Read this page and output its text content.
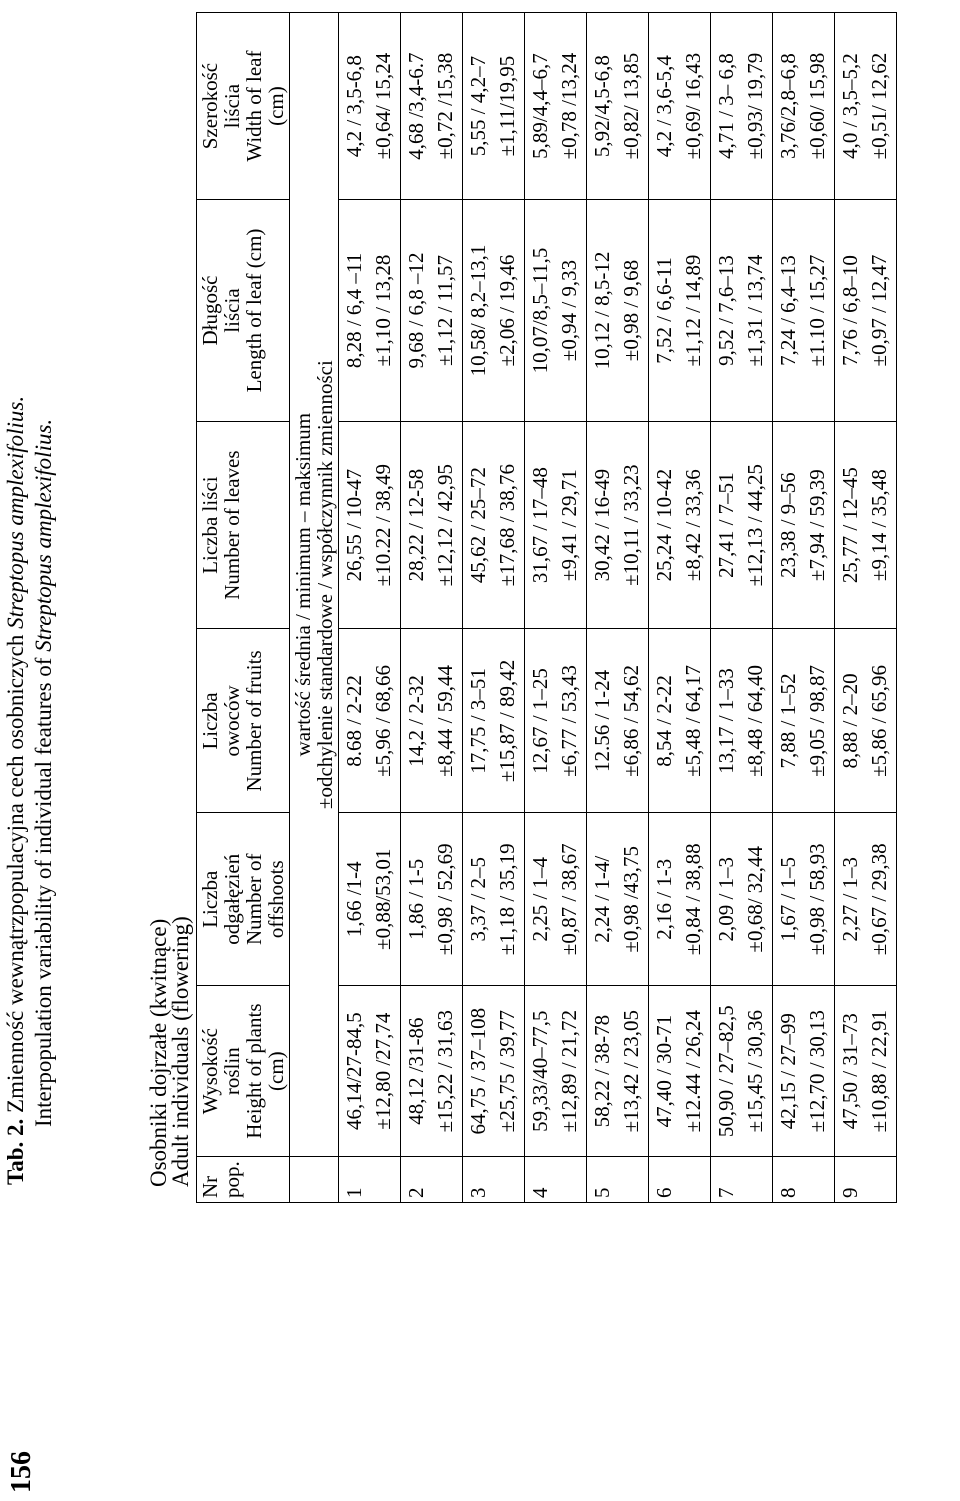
156
Tab. 2. Zmienność wewnątrzpopulacyjna cech osobniczych Streptopus amplexifolius.
Interpopulation variability of individual features of Streptopus amplexifolius.
Osobniki dojrzałe (kwitnące)
Adult individuals (flowering) Nr
pop.	Wysokość
roślin
Height of plants
(cm)	Liczba
odgałęzień
Number of
offshoots	Liczba
owoców
Number of fruits	Liczba liści
Number of leaves	Długość
liścia
Length of leaf (cm)	Szerokość
liścia
Width of leaf
(cm)

	wartość średnia / minimum – maksimum
±odchylenie standardowe / współczynnik zmienności					

1	46,14/27-84,5 ±12,80 /27,74	1,66 /1-4 ±0,88/53,01	8.68 / 2-22 ±5,96 / 68,66	26,55 / 10-47 ±10.22 / 38,49	8,28 / 6,4 –11 ±1,10 / 13,28	4,2 / 3,5-6,8 ±0,64/ 15,24

2	48,12 /31-86 ±15,22 / 31,63	1,86 / 1-5 ±0,98 / 52,69	14,2 / 2-32 ±8,44 / 59,44	28,22 / 12-58 ±12,12 / 42,95	9,68 / 6,8 –12 ±1,12 / 11,57	4,68 /3,4-6.7 ±0,72 /15,38

3	64,75 / 37–108 ±25,75 / 39,77	3,37 / 2–5 ±1,18 / 35,19	17,75 / 3–51 ±15,87 / 89,42	45,62 / 25–72 ±17,68 / 38,76	10,58/ 8,2–13,1 ±2,06 / 19,46	5,55 / 4,2–7 ±1,11/19,95

4	59,33/40–77,5 ±12,89 / 21,72	2,25 / 1–4 ±0,87 / 38,67	12,67 / 1–25 ±6,77 / 53,43	31,67 / 17–48 ±9,41 / 29,71	10,07/8,5–11,5 ±0,94 / 9,33	5,89/4,4–6,7 ±0,78 /13,24

5	58,22 / 38-78 ±13,42 / 23,05	2,24 / 1-4/ ±0,98 /43,75	12.56 / 1-24 ±6,86 / 54,62	30,42 / 16-49 ±10,11 / 33,23	10,12 / 8,5-12 ±0,98 / 9,68	5,92/4,5-6,8 ±0,82/ 13,85

6	47,40 / 30-71 ±12.44 / 26,24	2,16 / 1-3 ±0,84 / 38,88	8,54 / 2-22 ±5,48 / 64,17	25,24 / 10-42 ±8,42 / 33,36	7,52 / 6,6-11 ±1,12 / 14,89	4,2 / 3,6-5,4 ±0,69/ 16,43

7	50,90 / 27–82,5 ±15,45 / 30,36	2,09 / 1–3 ±0,68/ 32,44	13,17 / 1–33 ±8,48 / 64,40	27,41 / 7–51 ±12,13 / 44,25	9,52 / 7,6–13 ±1,31 / 13,74	4,71 / 3– 6,8 ±0,93/ 19,79

8	42,15 / 27–99 ±12,70 / 30,13	1,67 / 1–5 ±0,98 / 58,93	7,88 / 1–52 ±9,05 / 98,87	23,38 / 9–56 ±7,94 / 59,39	7,24 / 6,4–13 ±1.10 / 15,27	3,76/2,8–6,8 ±0,60/ 15,98

9	47,50 / 31–73 ±10,88 / 22,91	2,27 / 1–3 ±0,67 / 29,38	8,88 / 2–20 ±5,86 / 65,96	25,77 / 12–45 ±9,14 / 35,48	7,76 / 6,8–10 ±0,97 / 12,47	4,0 / 3,5–5,2 ±0,51/ 12,62
